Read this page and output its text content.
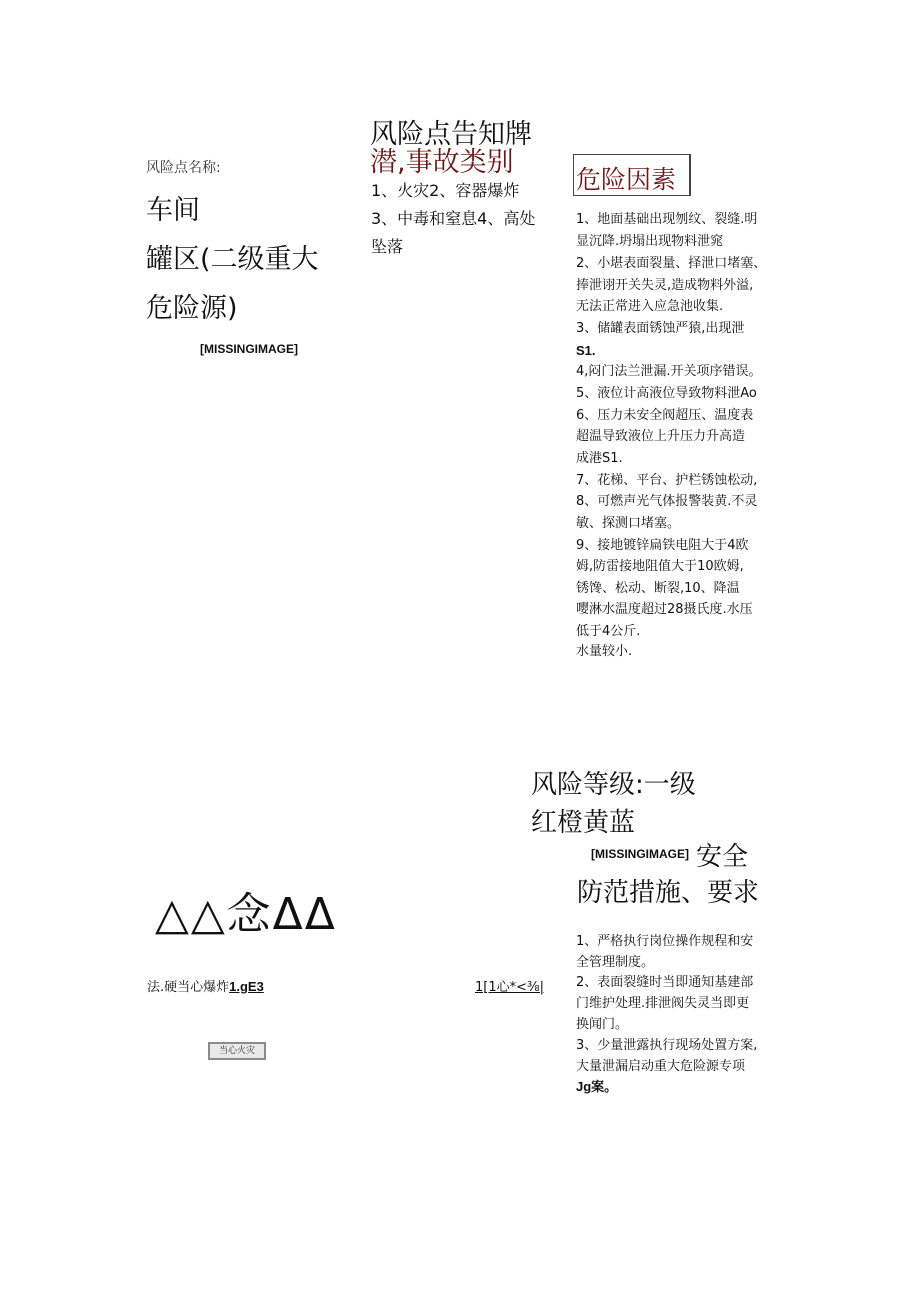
风险点名称:
车间
罐区(二级重大
危险源)
[MISSINGIMAGE]
风险点告知牌
潜,事故类别
1、火灾2、容器爆炸
3、中毒和窒息4、高处
坠落
危险因素
1、地面基础出现刎纹、裂缝.明
显沉降.坍塌出现物料泄窕
2、小堪表面裂量、择泄口堵塞、
捧泄诩开关失灵,造成物料外溢,
无法正常进入应急池收集.
3、储罐表面锈蚀严猿,出现泄
S1.
4,闷门法兰泄漏.开关项序错误。
5、液位计高液位导致物料泄Ao
6、压力未安全阀超压、温度表
超温导致液位上升压力升高造
成港S1.
7、花梯、平台、护栏锈蚀松动,
8、可燃声光气体报警装黄.不灵
敏、探测口堵塞。
9、接地镀锌扁铁电阻大于4欧
姆,防雷接地阻值大于10欧姆,
锈馋、松动、断裂,10、降温
嘤淋水温度超过28摄氏度.水压
低于4公斤.
水量较小.
风险等级:一级
红橙黄蓝
[MISSINGIMAGE] 安全
防范措施、要求
1、严格执行岗位操作规程和安
全管理制度。
2、表面裂缝时当即通知基建部
门维护处理.排泄阀失灵当即更
换闻门。
3、少量泄露执行现场处置方案,
大量泄漏启动重大危险源专项
Jg案。
△△念ΔΔ
法.硬当心爆炸1.gE3	1[1心*<⅜|
当心火灾
